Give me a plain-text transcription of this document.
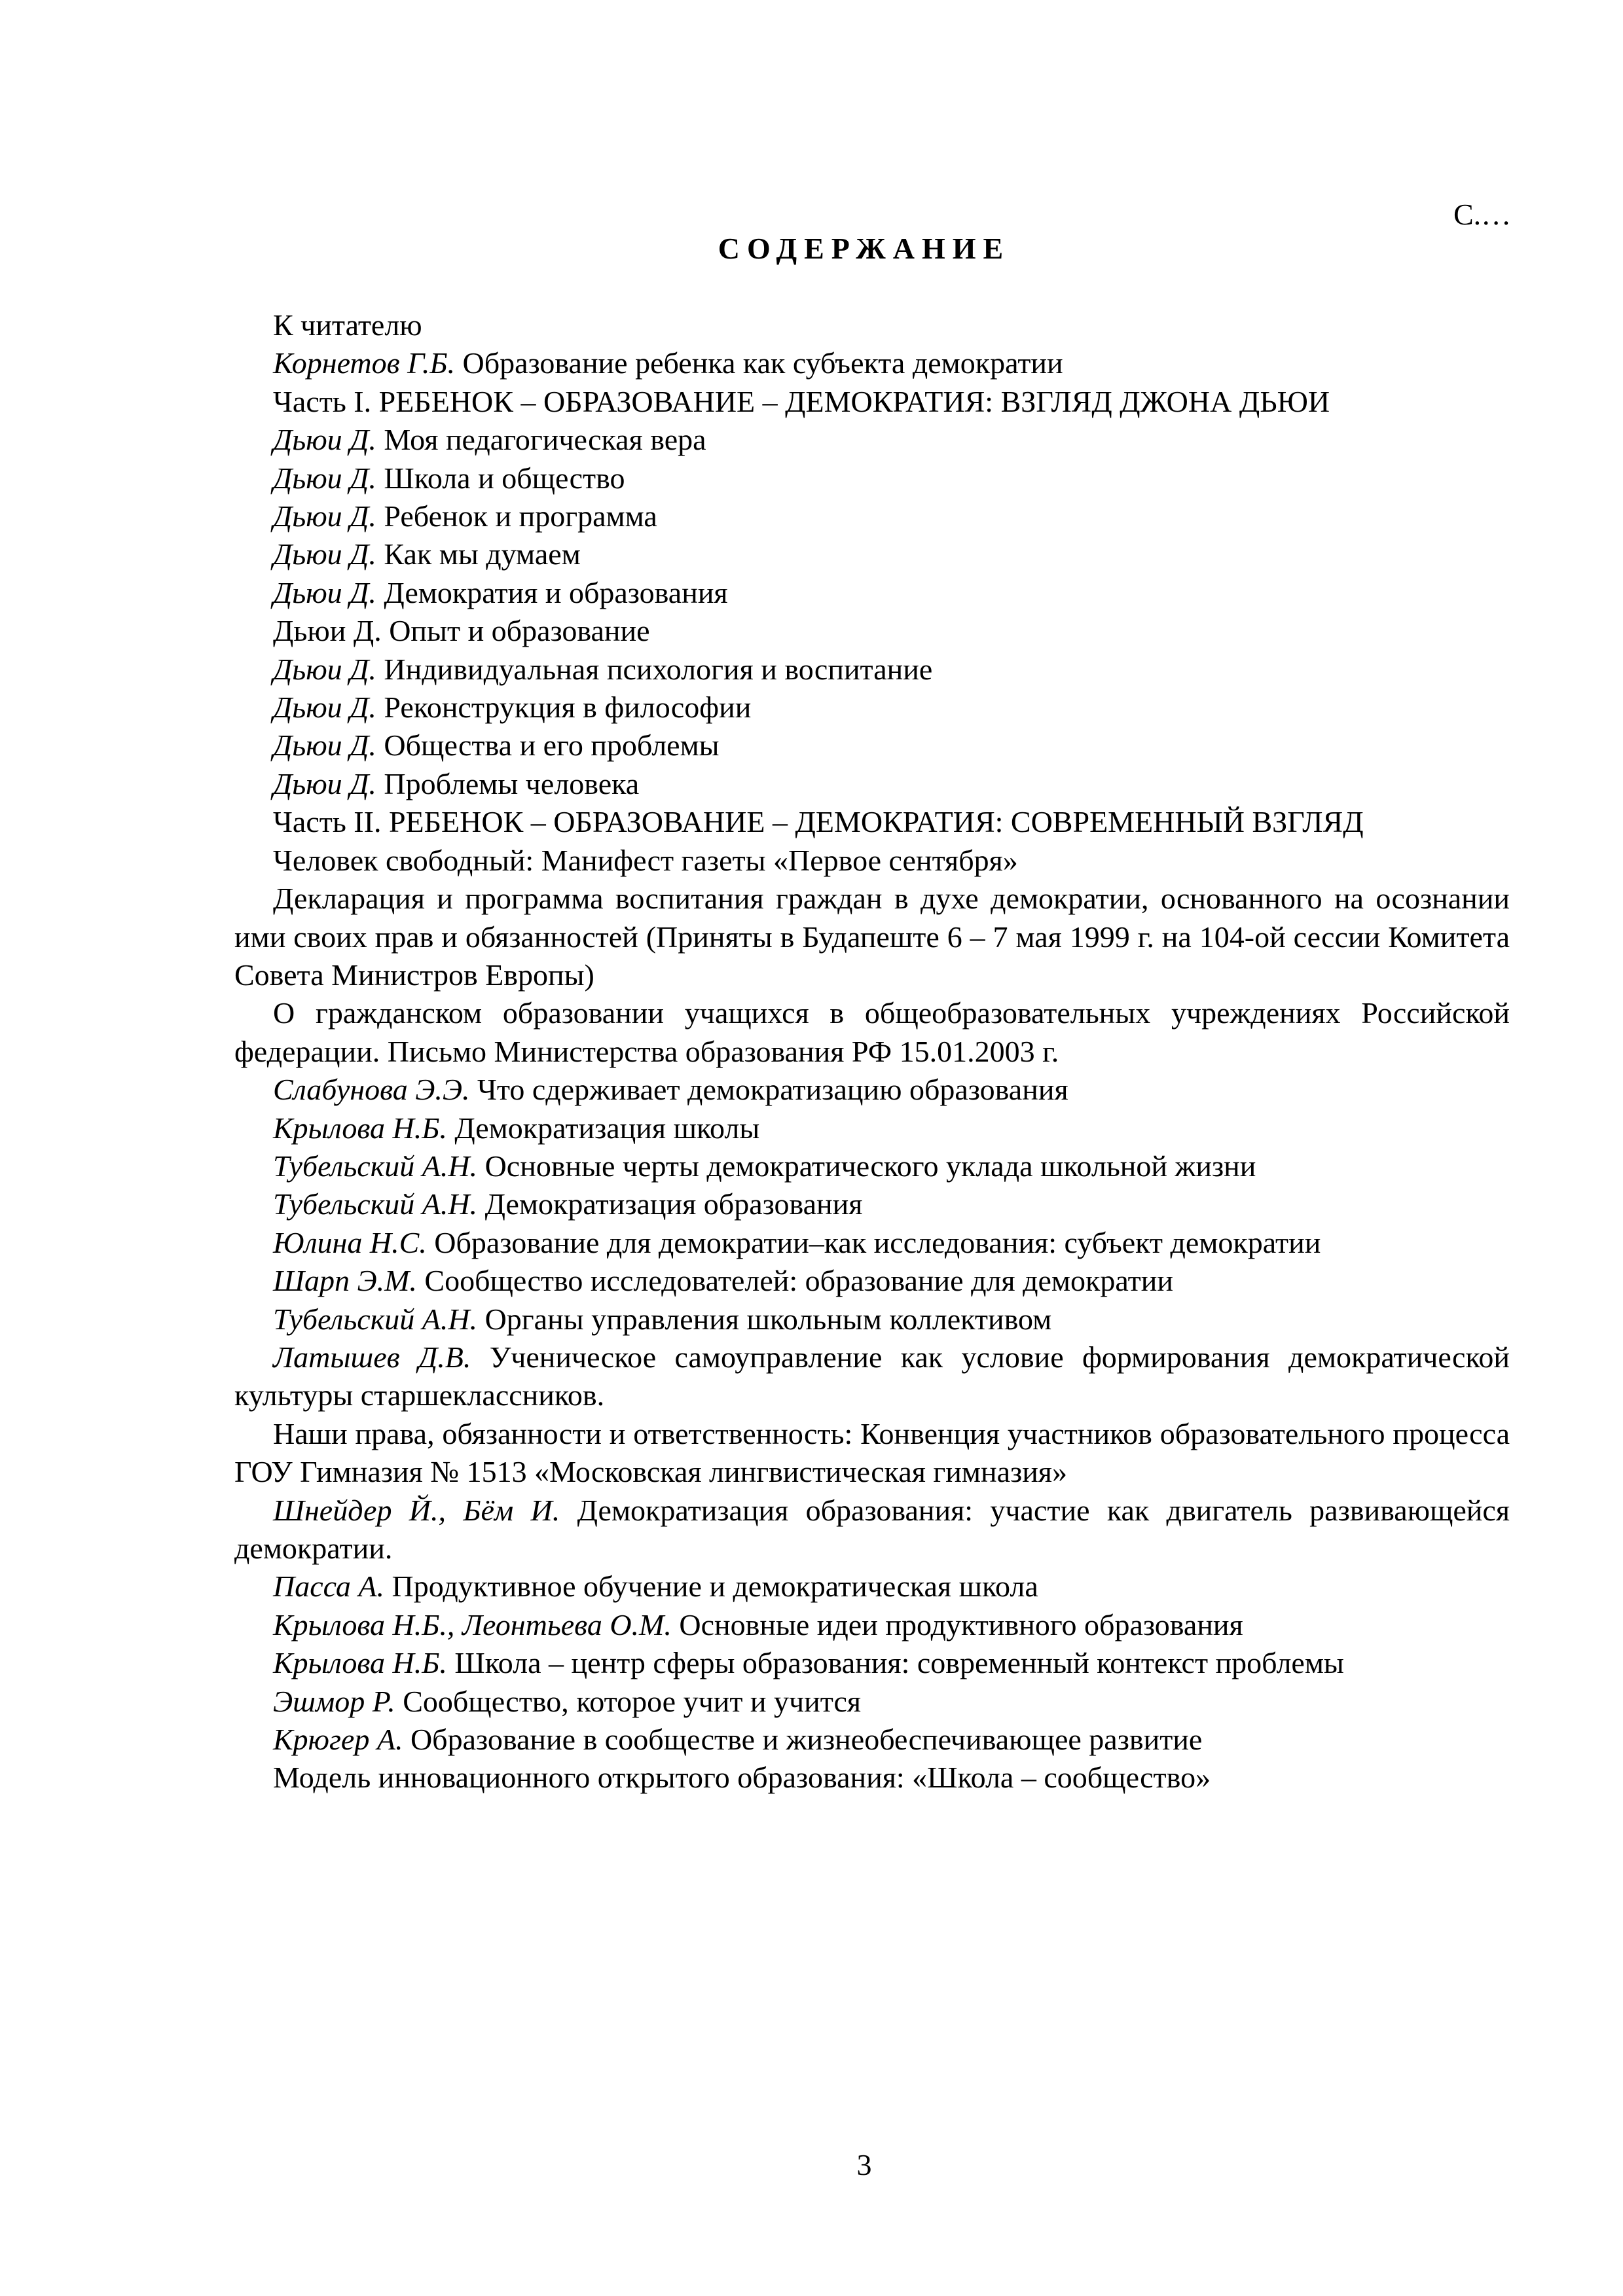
С.…
СОДЕРЖАНИЕ
К читателю
Корнетов Г.Б. Образование ребенка как субъекта демократии
Часть I. РЕБЕНОК – ОБРАЗОВАНИЕ – ДЕМОКРАТИЯ: ВЗГЛЯД ДЖОНА ДЬЮИ
Дьюи Д. Моя педагогическая вера
Дьюи Д. Школа и общество
Дьюи Д. Ребенок и программа
Дьюи Д. Как мы думаем
Дьюи Д. Демократия и образования
Дьюи Д. Опыт и образование
Дьюи Д. Индивидуальная психология и воспитание
Дьюи Д. Реконструкция в философии
Дьюи Д. Общества и его проблемы
Дьюи Д. Проблемы человека
Часть II. РЕБЕНОК – ОБРАЗОВАНИЕ – ДЕМОКРАТИЯ: СОВРЕМЕННЫЙ ВЗГЛЯД
Человек свободный: Манифест газеты «Первое сентября»
Декларация и программа воспитания граждан в духе демократии, основанного на осознании ими своих прав и обязанностей (Приняты в Будапеште 6 – 7 мая 1999 г. на 104-ой сессии Комитета Совета Министров Европы)
О гражданском образовании учащихся в общеобразовательных учреждениях Российской федерации. Письмо Министерства образования РФ 15.01.2003 г.
Слабунова Э.Э. Что сдерживает демократизацию образования
Крылова Н.Б. Демократизация школы
Тубельский А.Н. Основные черты демократического уклада школьной жизни
Тубельский А.Н. Демократизация образования
Юлина Н.С. Образование для демократии–как исследования: субъект демократии
Шарп Э.М. Сообщество исследователей: образование для демократии
Тубельский А.Н. Органы управления школьным коллективом
Латышев Д.В. Ученическое самоуправление как условие формирования демократической культуры старшеклассников.
Наши права, обязанности и ответственность: Конвенция участников образовательного процесса ГОУ Гимназия № 1513 «Московская лингвистическая гимназия»
Шнейдер Й., Бём И. Демократизация образования: участие как двигатель развивающейся демократии.
Пасса А. Продуктивное обучение и демократическая школа
Крылова Н.Б., Леонтьева О.М. Основные идеи продуктивного образования
Крылова Н.Б. Школа – центр сферы образования: современный контекст проблемы
Эшмор Р. Сообщество, которое учит и учится
Крюгер А. Образование в сообществе и жизнеобеспечивающее развитие
Модель инновационного открытого образования: «Школа – сообщество»
3
